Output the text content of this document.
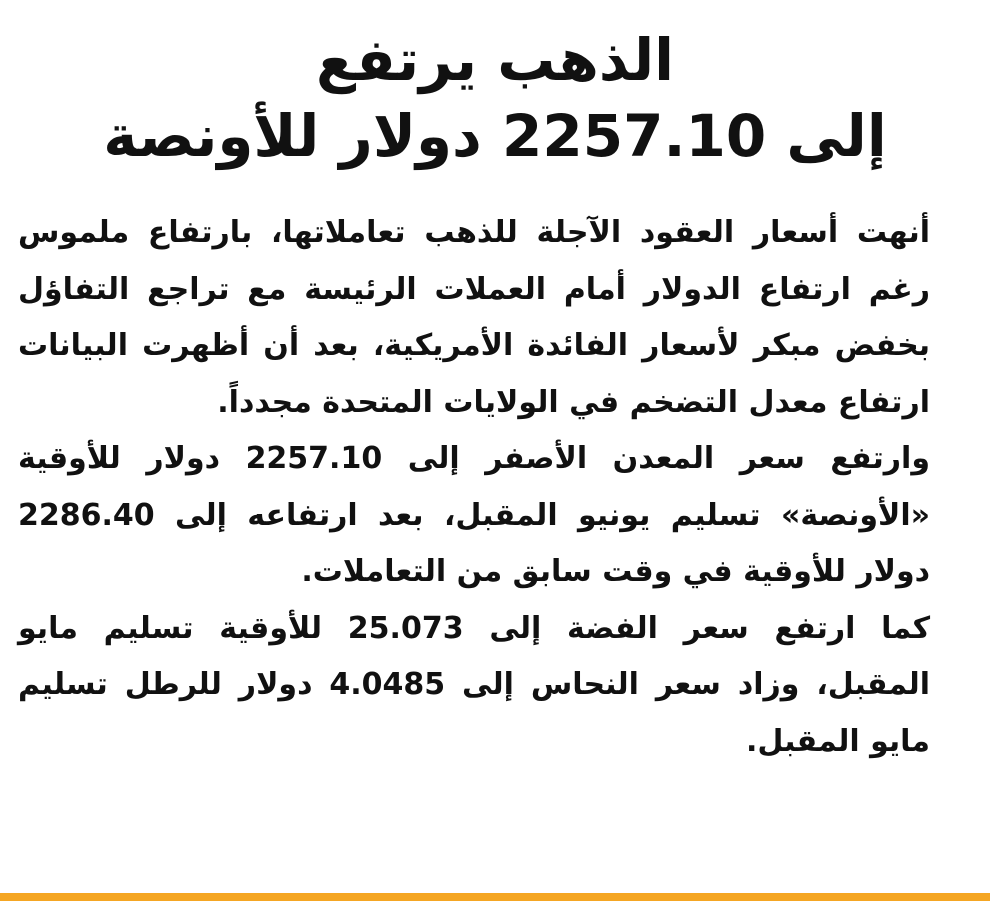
الذهب يرتفع
إلى 2257.10 دولار للأونصة

أنهت أسعار العقود الآجلة للذهب تعاملاتها، بارتفاع ملموس رغم ارتفاع الدولار أمام العملات الرئيسة مع تراجع التفاؤل بخفض مبكر لأسعار الفائدة الأمريكية، بعد أن أظهرت البيانات ارتفاع معدل التضخم في الولايات المتحدة مجدداً.

وارتفع سعر المعدن الأصفر إلى 2257.10 دولار للأوقية «الأونصة» تسليم يونيو المقبل، بعد ارتفاعه إلى 2286.40 دولار للأوقية في وقت سابق من التعاملات.

كما ارتفع سعر الفضة إلى 25.073 للأوقية تسليم مايو المقبل، وزاد سعر النحاس إلى 4.0485 دولار للرطل تسليم مايو المقبل.
